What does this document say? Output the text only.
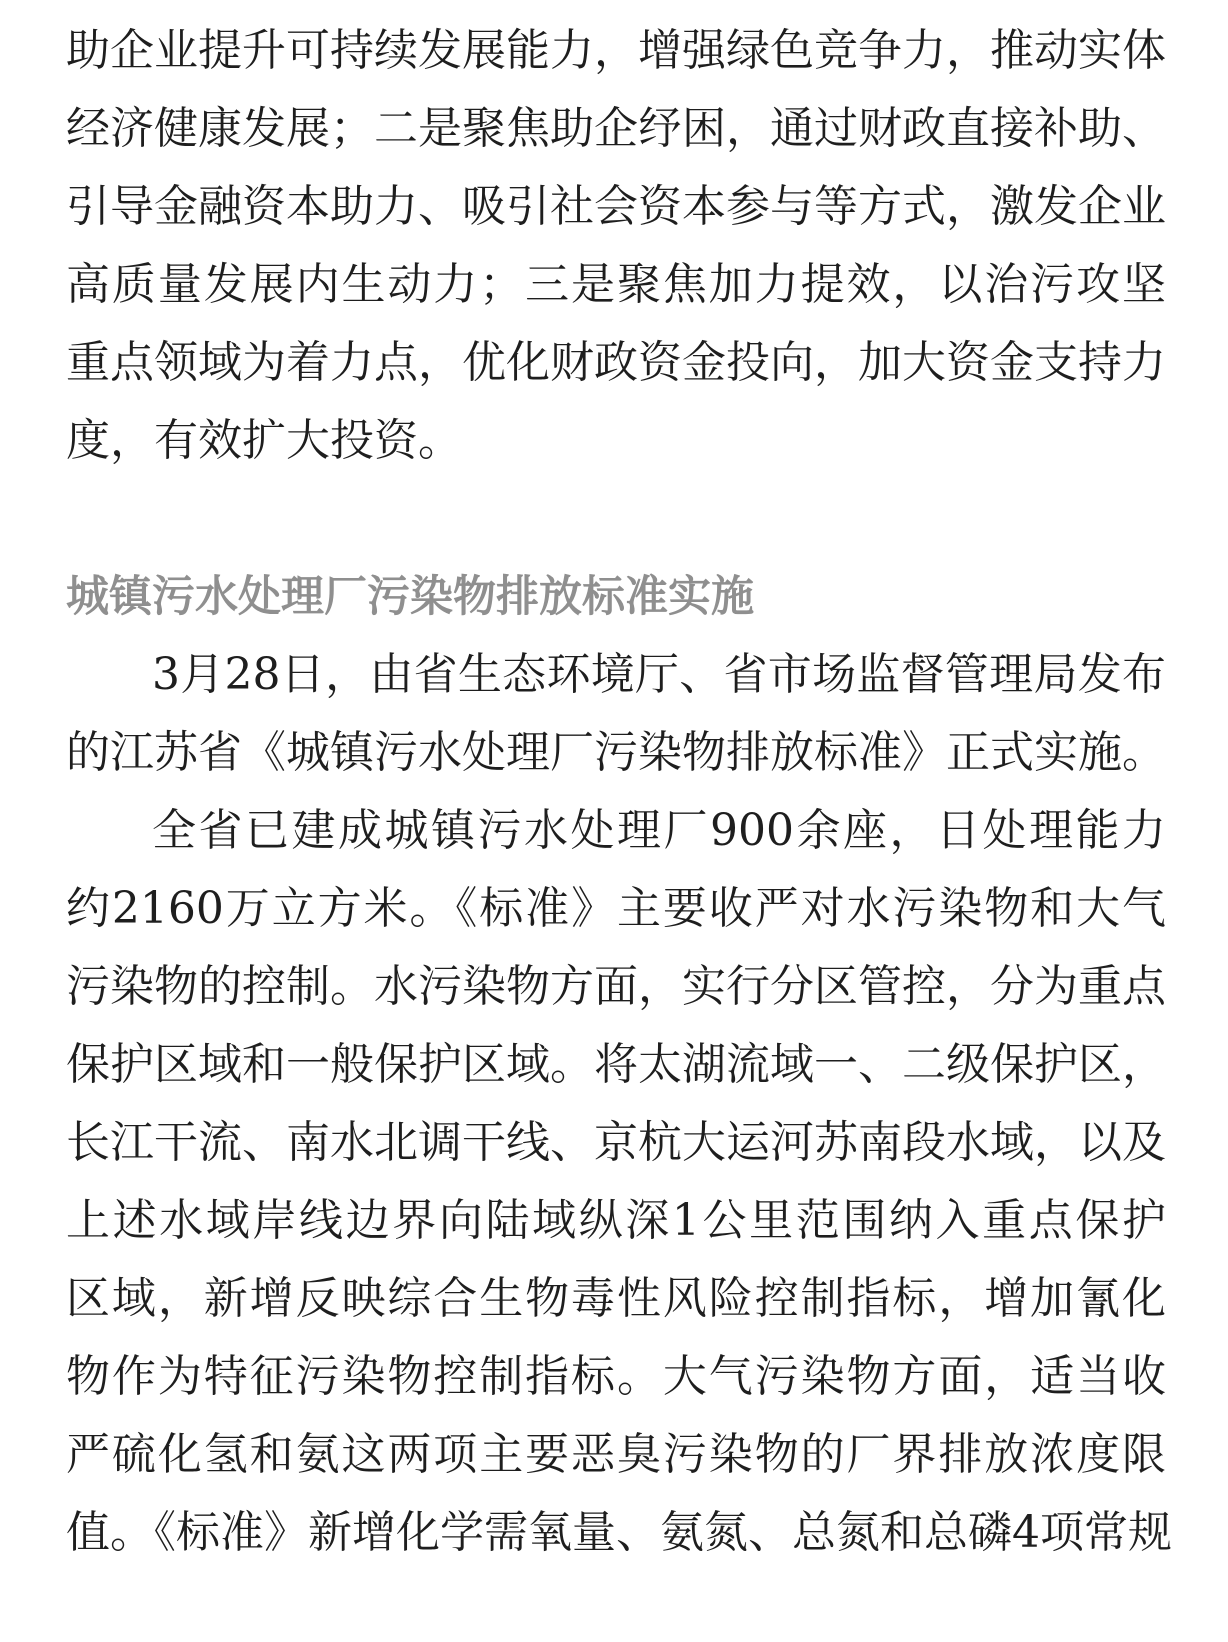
助企业提升可持续发展能力，增强绿色竞争力，推动实体
经济健康发展；二是聚焦助企纾困，通过财政直接补助、
引导金融资本助力、吸引社会资本参与等方式，激发企业
高质量发展内生动力；三是聚焦加力提效，以治污攻坚
重点领域为着力点，优化财政资金投向，加大资金支持力
度，有效扩大投资。
城镇污水处理厂污染物排放标准实施
3月28日，由省生态环境厅、省市场监督管理局发布
的江苏省《城镇污水处理厂污染物排放标准》正式实施。
全省已建成城镇污水处理厂900余座，日处理能力
约2160万立方米。《标准》主要收严对水污染物和大气
污染物的控制。水污染物方面，实行分区管控，分为重点
保护区域和一般保护区域。将太湖流域一、二级保护区，
长江干流、南水北调干线、京杭大运河苏南段水域，以及
上述水域岸线边界向陆域纵深1公里范围纳入重点保护
区域，新增反映综合生物毒性风险控制指标，增加氰化
物作为特征污染物控制指标。大气污染物方面，适当收
严硫化氢和氨这两项主要恶臭污染物的厂界排放浓度限
值。《标准》新增化学需氧量、氨氮、总氮和总磷4项常规
